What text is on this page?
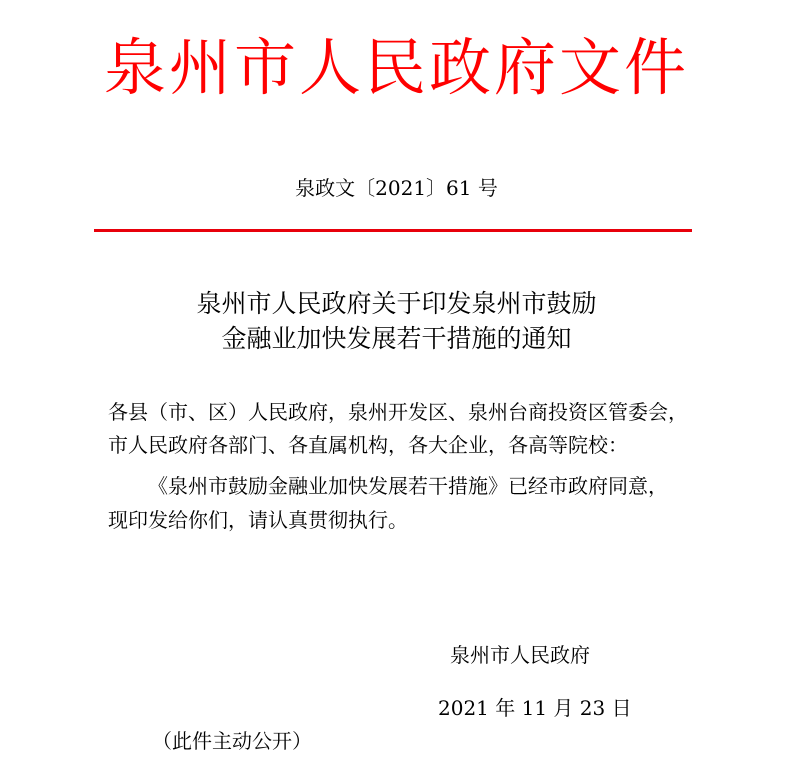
泉州市人民政府文件
泉政文〔2021〕61 号
泉州市人民政府关于印发泉州市鼓励
金融业加快发展若干措施的通知
各县（市、区）人民政府，泉州开发区、泉州台商投资区管委会，
市人民政府各部门、各直属机构，各大企业，各高等院校：
《泉州市鼓励金融业加快发展若干措施》已经市政府同意，
现印发给你们，请认真贯彻执行。
泉州市人民政府
2021 年 11 月 23 日
（此件主动公开）
